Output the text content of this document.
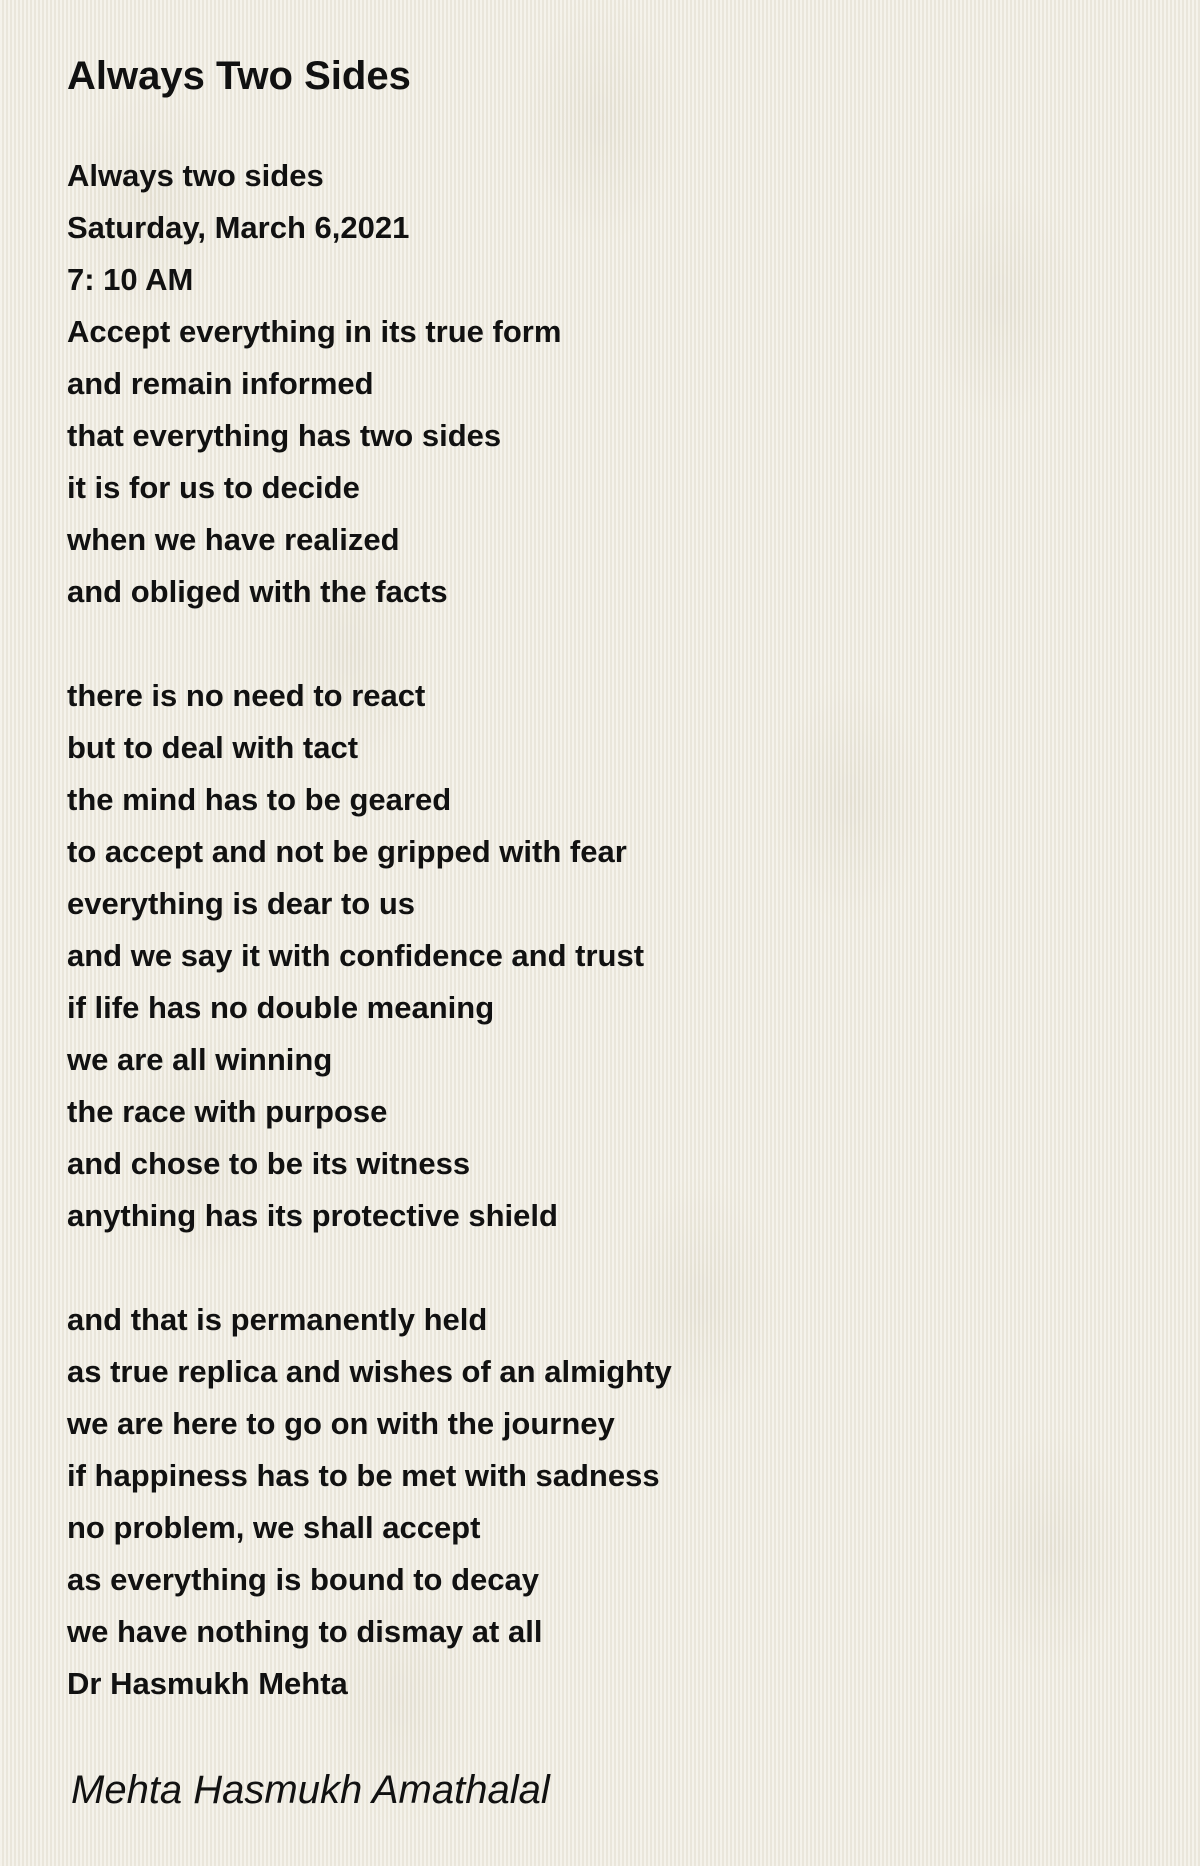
Always Two Sides
Always two sides
Saturday, March 6,2021
7: 10 AM
Accept everything in its true form
and remain informed
that everything has two sides
it is for us to decide
when we have realized
and obliged with the facts
there is no need to react
but to deal with tact
the mind has to be geared
to accept and not be gripped with fear
everything is dear to us
and we say it with confidence and trust
if life has no double meaning
we are all winning
the race with purpose
and chose to be its witness
anything has its protective shield
and that is permanently held
as true replica and wishes of an almighty
we are here to go on with the journey
if happiness has to be met with sadness
no problem, we shall accept
as everything is bound to decay
we have nothing to dismay at all
Dr Hasmukh Mehta
Mehta Hasmukh Amathalal
